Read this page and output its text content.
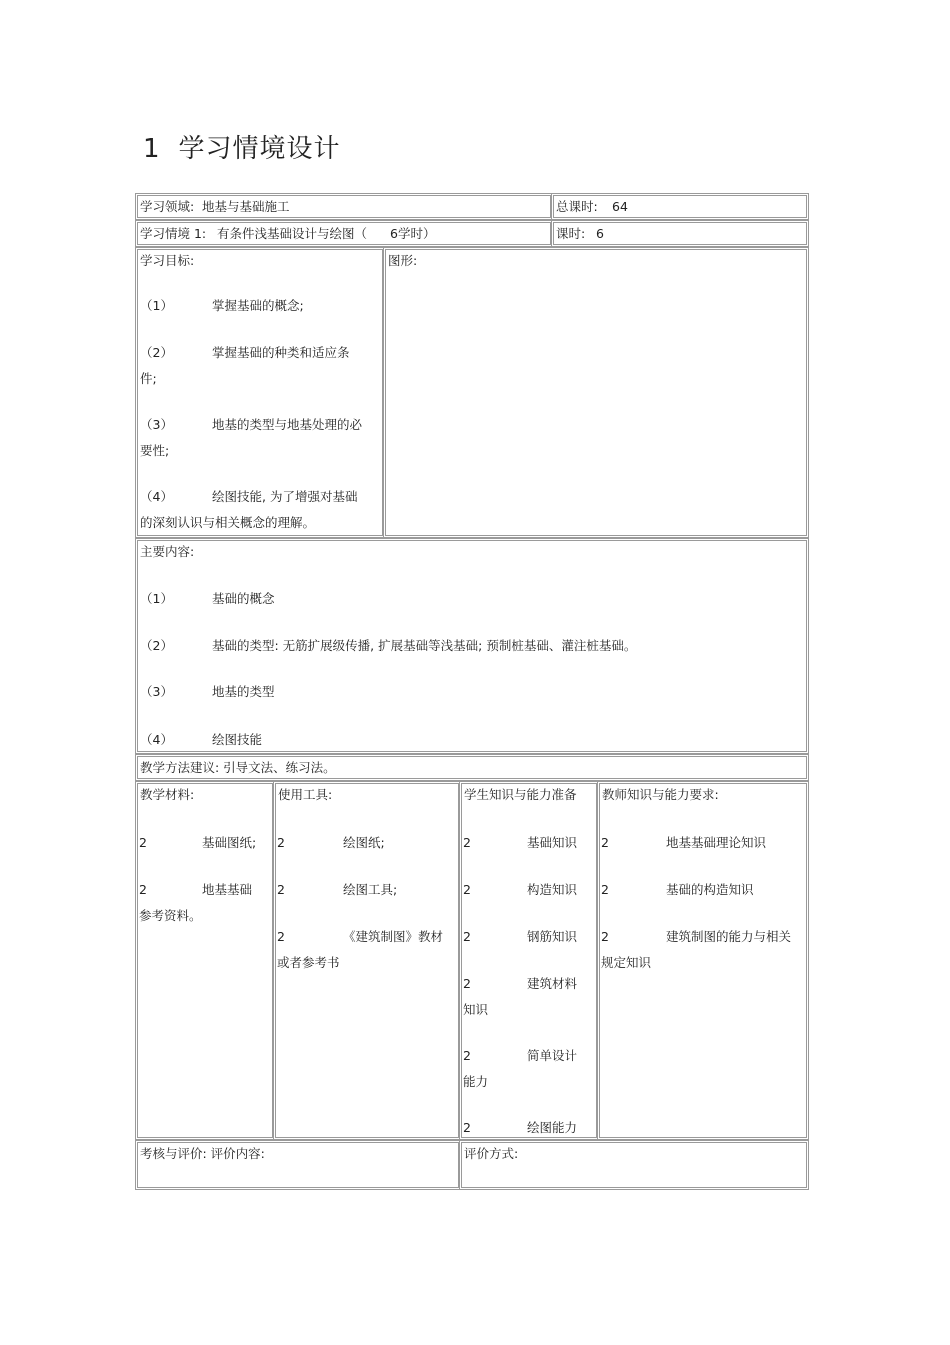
1 学习情境设计
学习领域: 地基与基础施工	总课时: 64
学习情境 1: 有条件浅基础设计与绘图（ 6学时）	课时: 6
学习目标:
（1）	掌握基础的概念;
（2）	掌握基础的种类和适应条
件;
（3）	地基的类型与地基处理的必
要性;
（4）	绘图技能, 为了增强对基础
的深刻认识与相关概念的理解。
图形:
主要内容:
（1）	基础的概念
（2）	基础的类型: 无筋扩展级传播, 扩展基础等浅基础; 预制桩基础、灌注桩基础。
（3）	地基的类型
（4）	绘图技能
教学方法建议: 引导文法、练习法。
教学材料:
2	基础图纸;
2	地基基础
参考资料。
使用工具:
2	绘图纸;
2	绘图工具;
2	《建筑制图》教材
或者参考书
学生知识与能力准备
2	基础知识
2	构造知识
2	钢筋知识
2	建筑材料
知识
2	简单设计
能力
2	绘图能力
教师知识与能力要求:
2	地基基础理论知识
2	基础的构造知识
2	建筑制图的能力与相关
规定知识
考核与评价: 评价内容:	评价方式:
